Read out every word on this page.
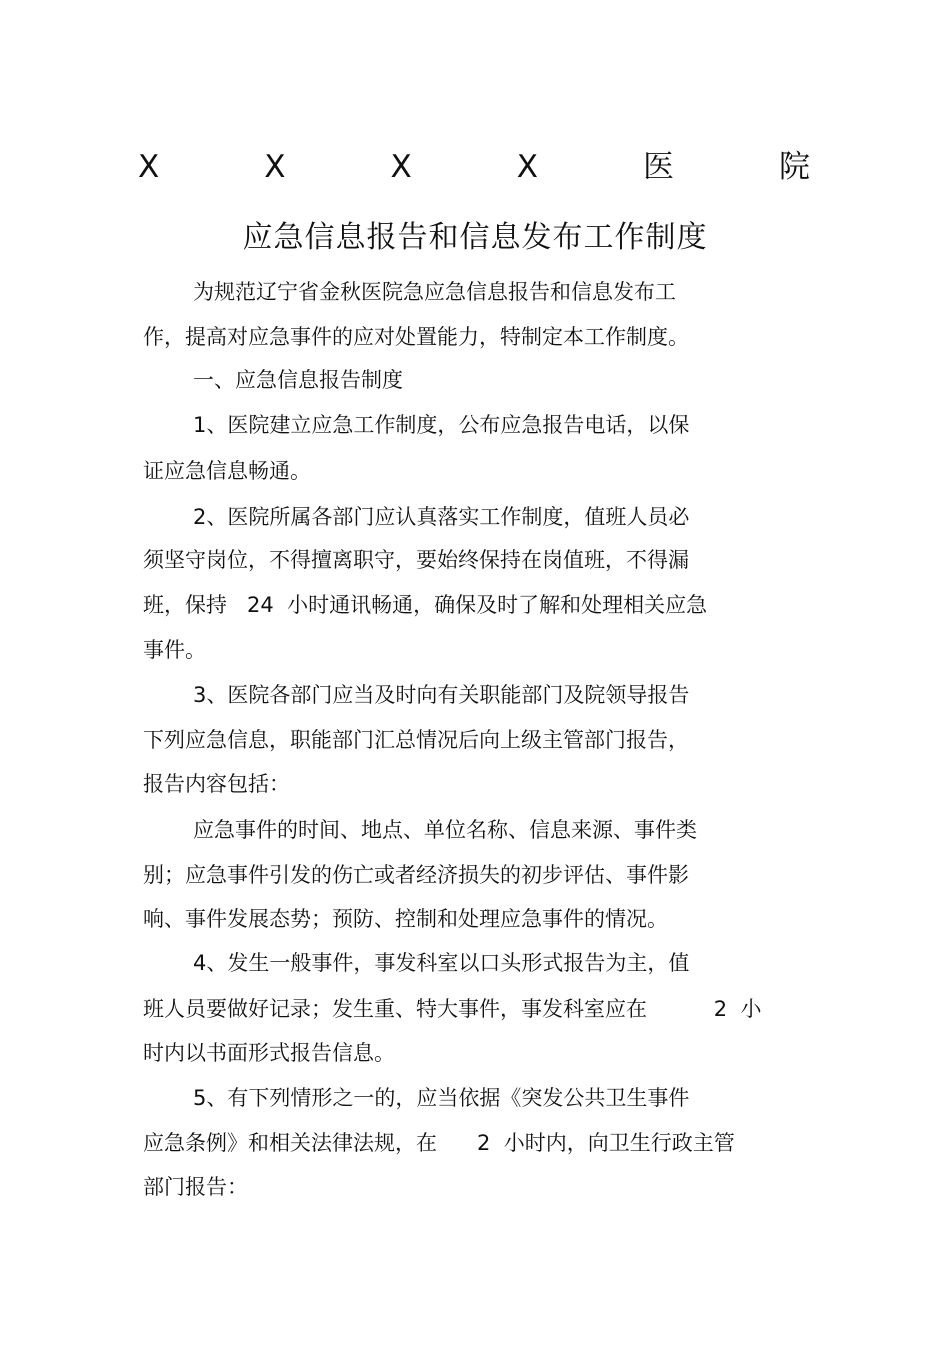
X	X	X	X	医	院
应急信息报告和信息发布工作制度
为规范辽宁省金秋医院急应急信息报告和信息发布工
作，提高对应急事件的应对处置能力，特制定本工作制度。
一、应急信息报告制度
1、医院建立应急工作制度，公布应急报告电话，以保
证应急信息畅通。
2、医院所属各部门应认真落实工作制度，值班人员必
须坚守岗位，不得擅离职守，要始终保持在岗值班，不得漏
班，保持   24  小时通讯畅通，确保及时了解和处理相关应急
事件。
3、医院各部门应当及时向有关职能部门及院领导报告
下列应急信息，职能部门汇总情况后向上级主管部门报告，
报告内容包括：
应急事件的时间、地点、单位名称、信息来源、事件类
别；应急事件引发的伤亡或者经济损失的初步评估、事件影
响、事件发展态势；预防、控制和处理应急事件的情况。
4、发生一般事件，事发科室以口头形式报告为主，值
班人员要做好记录；发生重、特大事件，事发科室应在          2  小
时内以书面形式报告信息。
5、有下列情形之一的，应当依据《突发公共卫生事件
应急条例》和相关法律法规，在      2  小时内，向卫生行政主管
部门报告：
